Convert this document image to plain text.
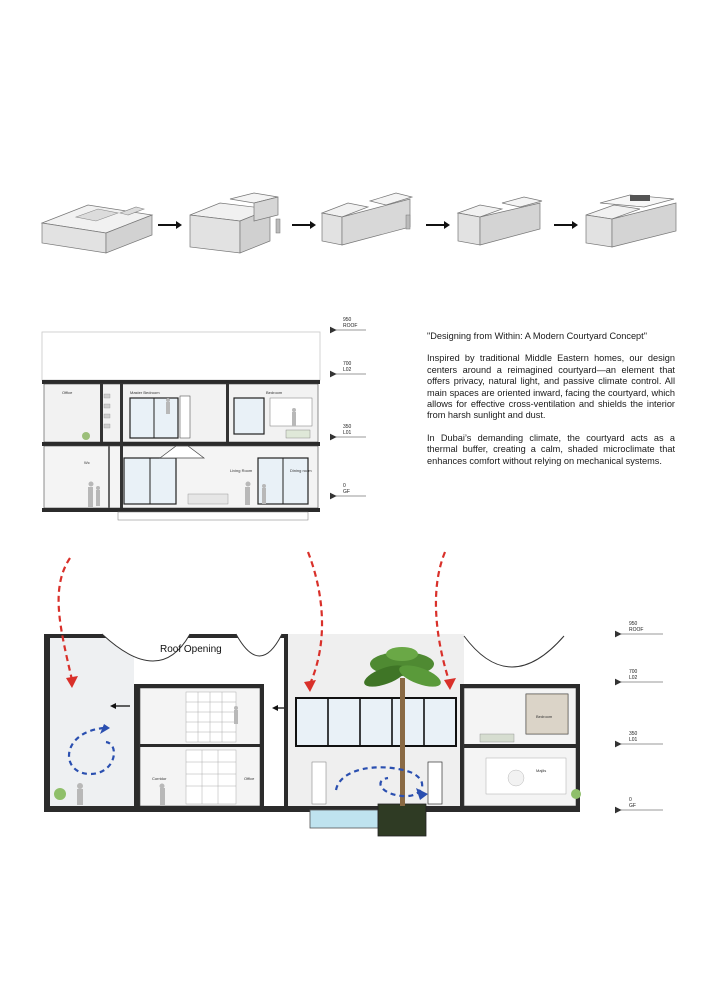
Office	Master Bedroom	Bedroom
Wc
Living Room	Dining room
950
ROOF
700
L02
350
L01
0
GF
"Designing from Within: A Modern Courtyard Concept"

Inspired by traditional Middle Eastern homes, our design centers around a reimagined courtyard—an element that offers privacy, natural light, and passive climate control. All main spaces are oriented inward, facing the courtyard, which allows for effective cross-ventilation and shields the interior from harsh sunlight and dust.

In Dubai’s demanding climate, the courtyard acts as a thermal buffer, creating a calm, shaded microclimate that enhances comfort without relying on mechanical systems.

Roof Opening
Corridor	Office
Bedroom
Majlis
950
ROOF
700
L02
350
L01
0
GF
